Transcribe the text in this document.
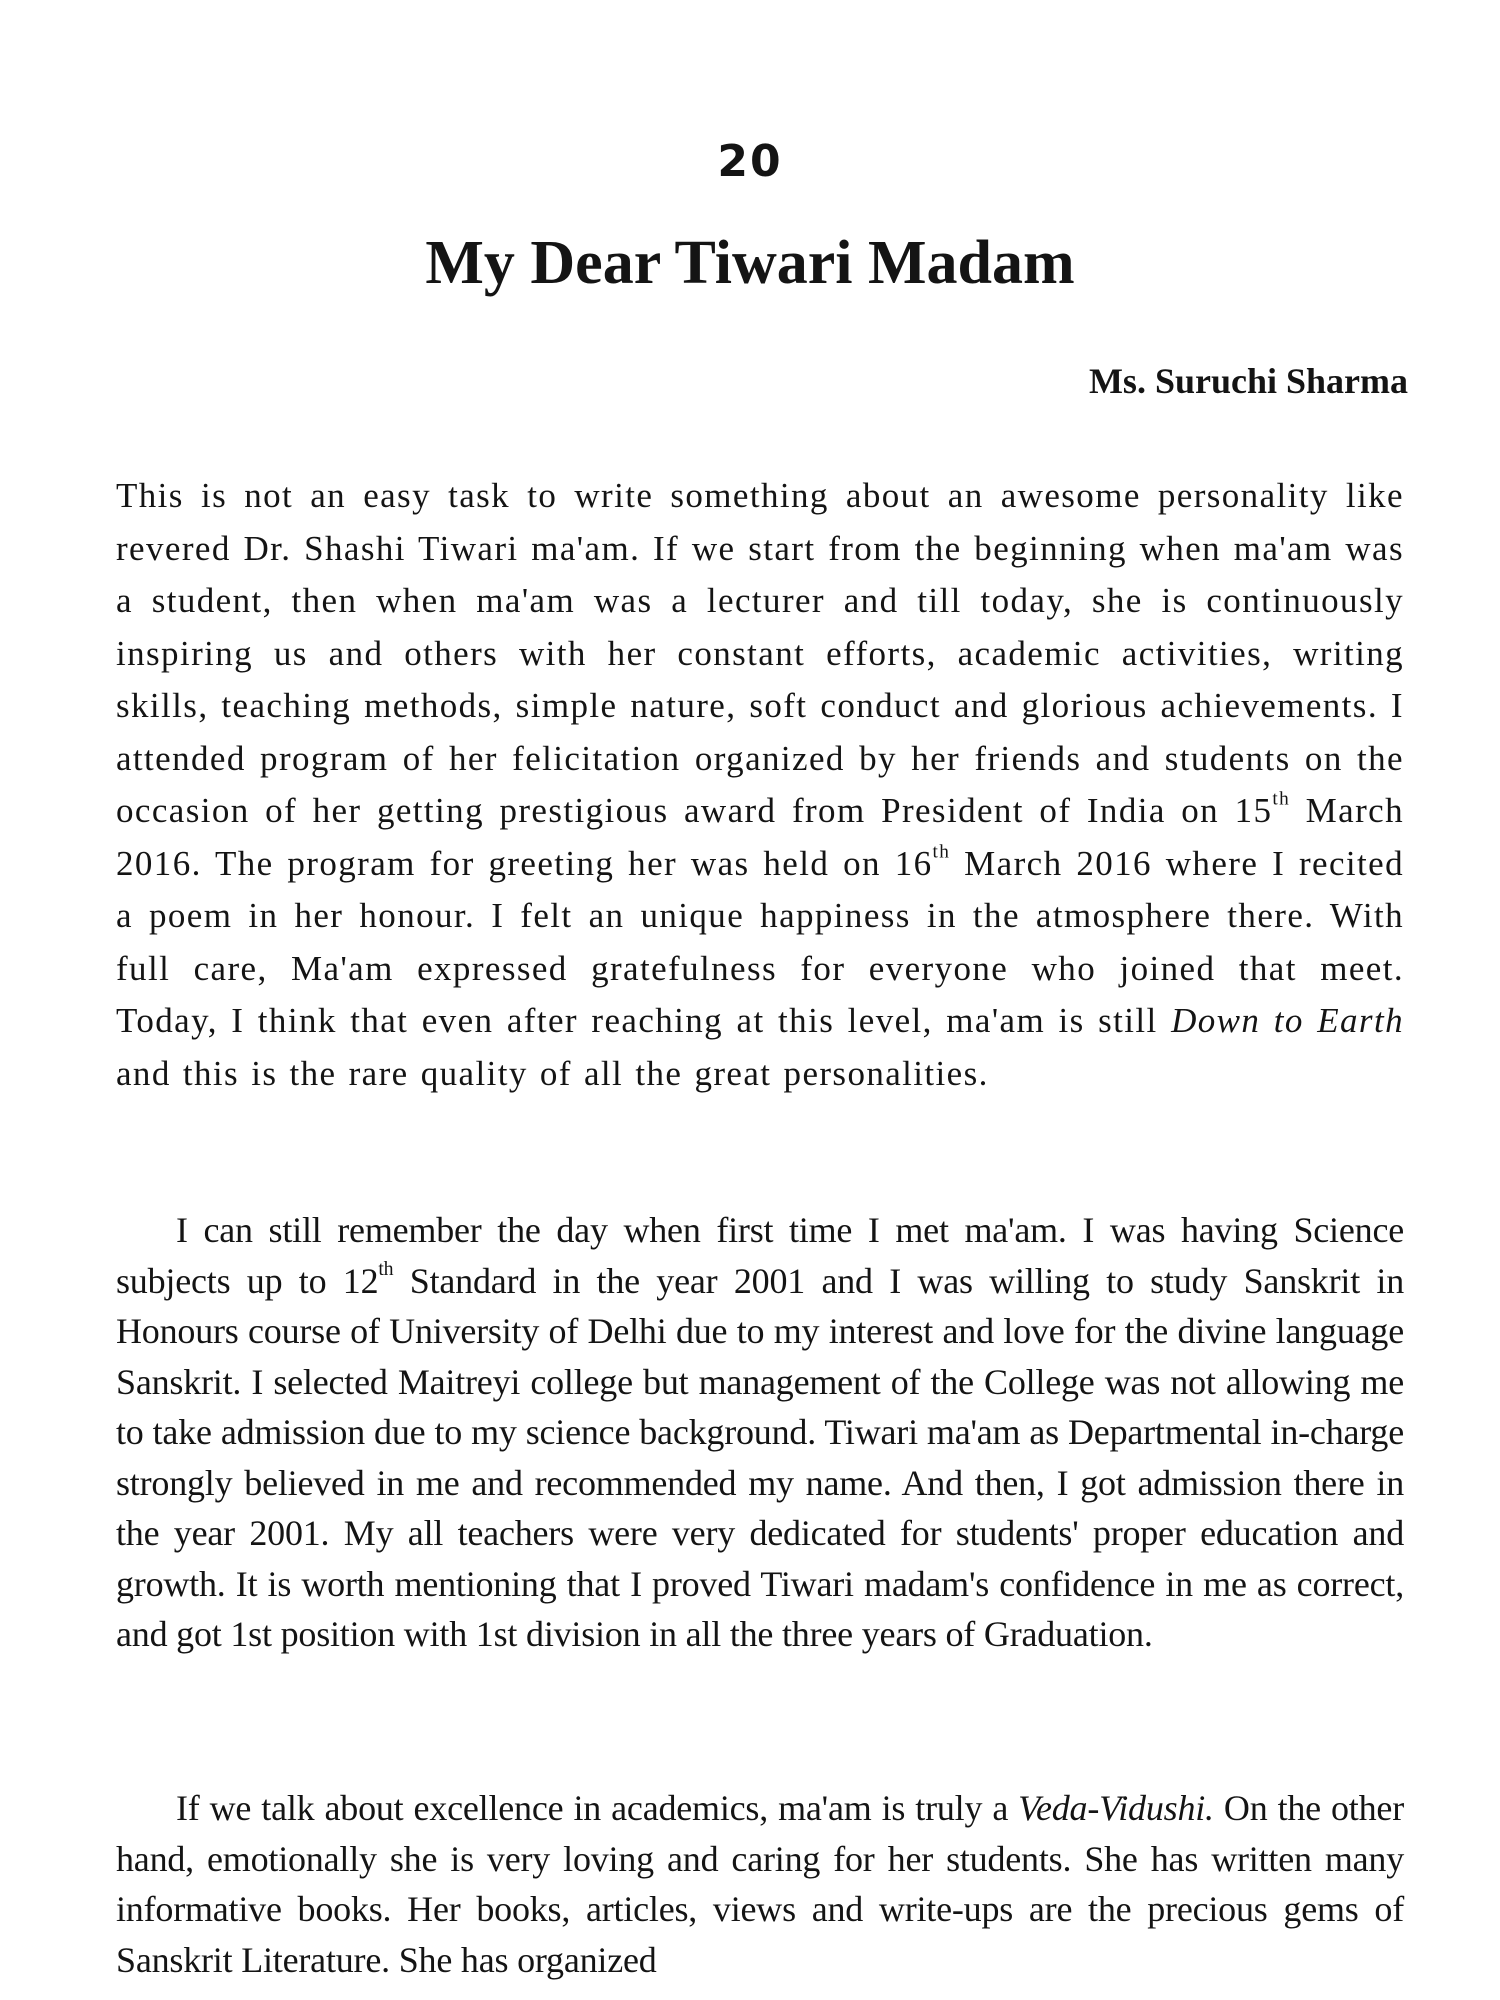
20
My Dear Tiwari Madam

Ms. Suruchi Sharma

This is not an easy task to write something about an awesome personality like revered Dr. Shashi Tiwari ma'am. If we start from the beginning when ma'am was a student, then when ma'am was a lecturer and till today, she is continuously inspiring us and others with her constant efforts, academic activities, writing skills, teaching methods, simple nature, soft conduct and glorious achievements. I attended program of her felicitation organized by her friends and students on the occasion of her getting prestigious award from President of India on 15th March 2016. The program for greeting her was held on 16th March 2016 where I recited a poem in her honour. I felt an unique happiness in the atmosphere there. With full care, Ma'am expressed gratefulness for everyone who joined that meet. Today, I think that even after reaching at this level, ma'am is still Down to Earth and this is the rare quality of all the great personalities.

I can still remember the day when first time I met ma'am. I was having Science subjects up to 12th Standard in the year 2001 and I was willing to study Sanskrit in Honours course of University of Delhi due to my interest and love for the divine language Sanskrit. I selected Maitreyi college but management of the College was not allowing me to take admission due to my science background. Tiwari ma'am as Departmental in-charge strongly believed in me and recommended my name. And then, I got admission there in the year 2001. My all teachers were very dedicated for students' proper education and growth. It is worth mentioning that I proved Tiwari madam's confidence in me as correct, and got 1st position with 1st division in all the three years of Graduation.

If we talk about excellence in academics, ma'am is truly a Veda-Vidushi. On the other hand, emotionally she is very loving and caring for her students. She has written many informative books. Her books, articles, views and write-ups are the precious gems of Sanskrit Literature. She has organized
